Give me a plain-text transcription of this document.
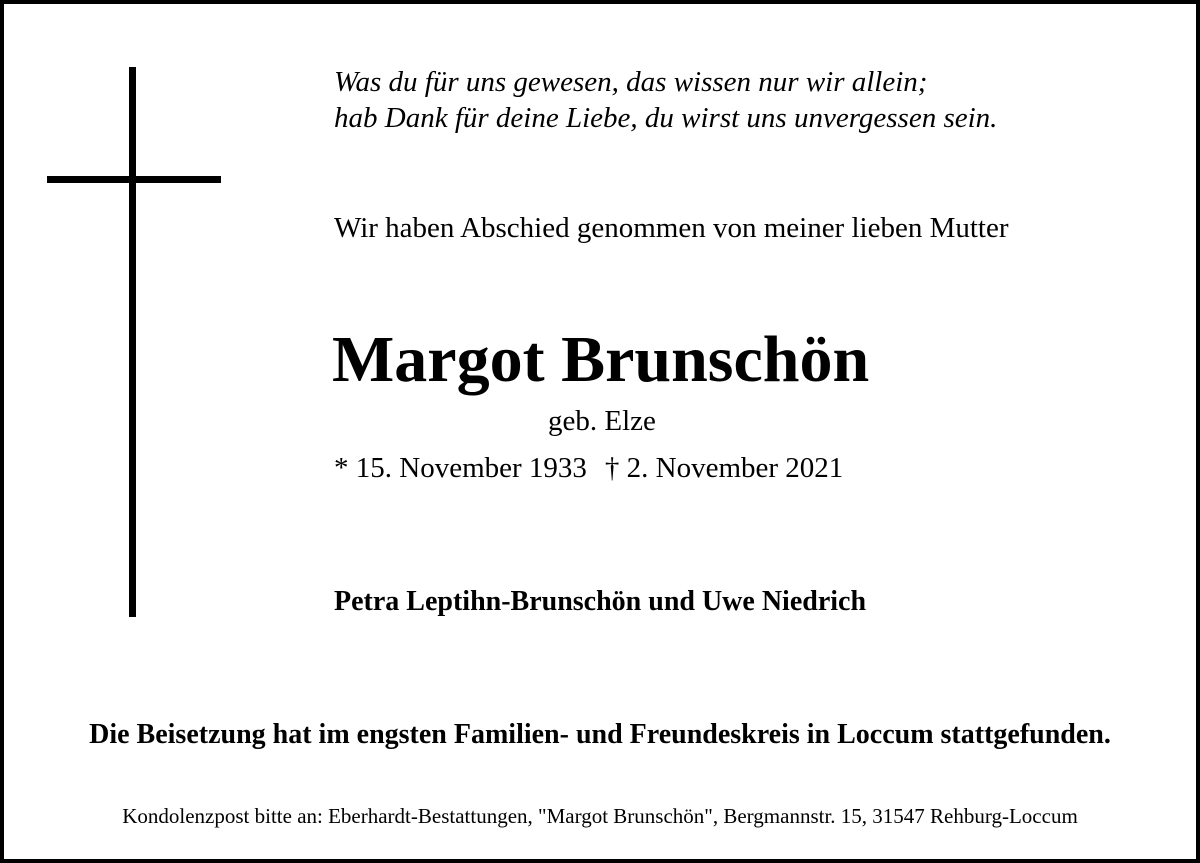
Was du für uns gewesen, das wissen nur wir allein;
hab Dank für deine Liebe, du wirst uns unvergessen sein.
Wir haben Abschied genommen von meiner lieben Mutter
Margot Brunschön
geb. Elze
* 15. November 1933 † 2. November 2021
Petra Leptihn-Brunschön und Uwe Niedrich
Die Beisetzung hat im engsten Familien- und Freundeskreis in Loccum stattgefunden.
Kondolenzpost bitte an: Eberhardt-Bestattungen, "Margot Brunschön", Bergmannstr. 15, 31547 Rehburg-Loccum
